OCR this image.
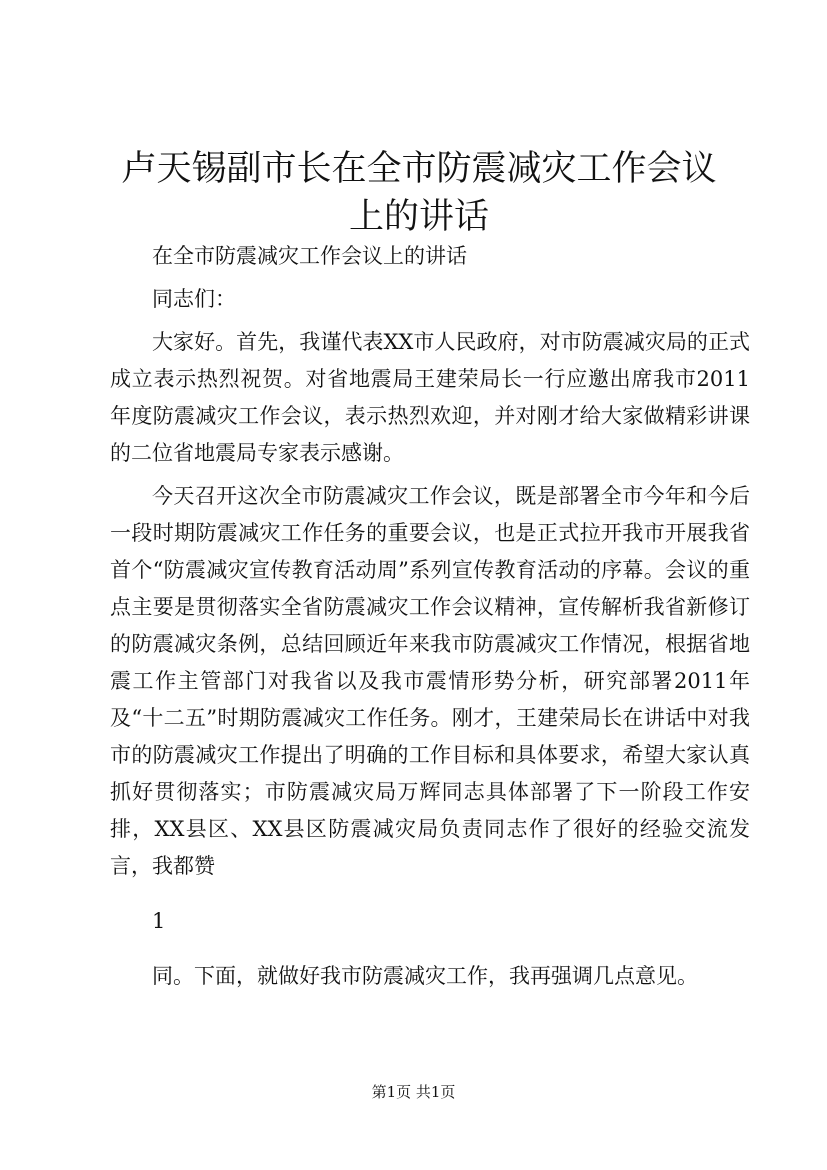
卢天锡副市长在全市防震减灾工作会议上的讲话

在全市防震减灾工作会议上的讲话

同志们：

大家好。首先，我谨代表XX市人民政府，对市防震减灾局的正式成立表示热烈祝贺。对省地震局王建荣局长一行应邀出席我市2011年度防震减灾工作会议，表示热烈欢迎，并对刚才给大家做精彩讲课的二位省地震局专家表示感谢。

今天召开这次全市防震减灾工作会议，既是部署全市今年和今后一段时期防震减灾工作任务的重要会议，也是正式拉开我市开展我省首个“防震减灾宣传教育活动周”系列宣传教育活动的序幕。会议的重点主要是贯彻落实全省防震减灾工作会议精神，宣传解析我省新修订的防震减灾条例，总结回顾近年来我市防震减灾工作情况，根据省地震工作主管部门对我省以及我市震情形势分析，研究部署2011年及“十二五”时期防震减灾工作任务。刚才，王建荣局长在讲话中对我市的防震减灾工作提出了明确的工作目标和具体要求，希望大家认真抓好贯彻落实；市防震减灾局万辉同志具体部署了下一阶段工作安排，XX县区、XX县区防震减灾局负责同志作了很好的经验交流发言，我都赞

1

同。下面，就做好我市防震减灾工作，我再强调几点意见。

第1页 共1页
